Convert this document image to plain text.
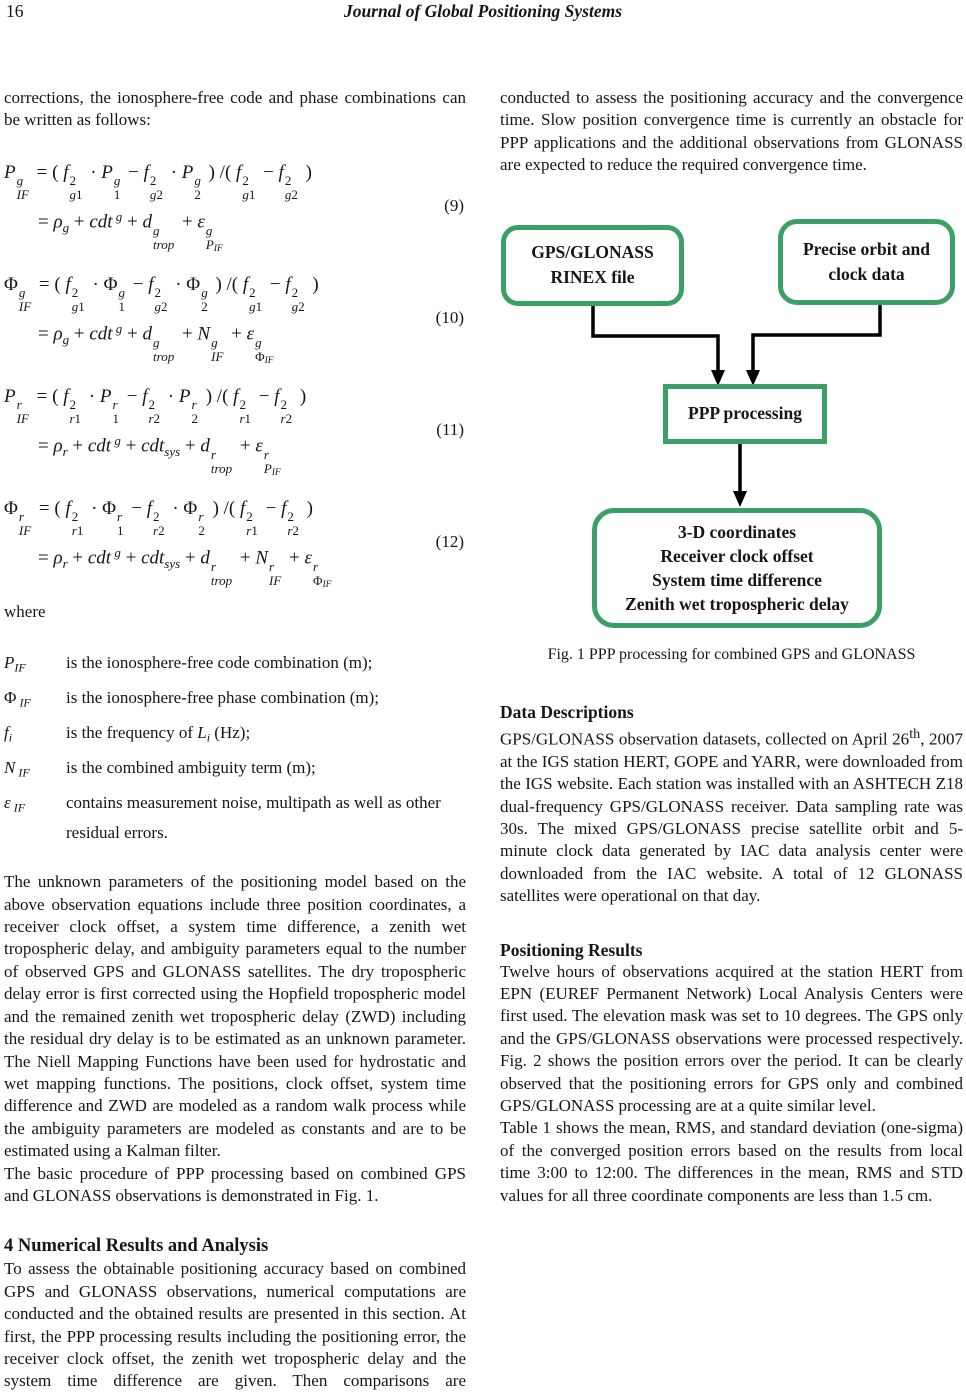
16	Journal of Global Positioning Systems

corrections, the ionosphere-free code and phase combinations can be written as follows:

P g
IF
= ( f 2
g1
· P g
1
− f 2
g2
· P g
2
) /( f 2
g1
− f 2
g2
)
= $\rho_g$ + cdt $^g$ + d g
trop
+ ε g
$P_{IF}$
(9)
Φ g
IF
= ( f 2
g1
· Φ g
1
− f 2
g2
· Φ g
2
) /( f 2
g1
− f 2
g2
)
= $\rho_g$ + cdt $^g$ + d g
trop
+ N g
IF
+ ε g
$\Phi_{IF}$
(10)
P r
IF
= ( f 2
r1
· P r
1
− f 2
r2
· P r
2
) /( f 2
r1
− f 2
r2
)
= $\rho_r$ + cdt $^g$ + cdt$_{sys}$ + d r
trop
+ ε r
$P_{IF}$
(11)
Φ r
IF
= ( f 2
r1
· Φ r
1
− f 2
r2
· Φ r
2
) /( f 2
r1
− f 2
r2
)
= $\rho_r$ + cdt $^g$ + cdt$_{sys}$ + d r
trop
+ N r
IF
+ ε r
$\Phi_{IF}$
(12)
where
$P_{IF}$	is the ionosphere-free code combination (m);
Φ $_{IF}$	is the ionosphere-free phase combination (m);
$f_i$	is the frequency of $L_i$ (Hz);
N $_{IF}$	is the combined ambiguity term (m);
ε $_{IF}$	contains measurement noise, multipath as well as other residual errors.

The unknown parameters of the positioning model based on the above observation equations include three position coordinates, a receiver clock offset, a system time difference, a zenith wet tropospheric delay, and ambiguity parameters equal to the number of observed GPS and GLONASS satellites. The dry tropospheric delay error is first corrected using the Hopfield tropospheric model and the remained zenith wet tropospheric delay (ZWD) including the residual dry delay is to be estimated as an unknown parameter. The Niell Mapping Functions have been used for hydrostatic and wet mapping functions. The positions, clock offset, system time difference and ZWD are modeled as a random walk process while the ambiguity parameters are modeled as constants and are to be estimated using a Kalman filter.

The basic procedure of PPP processing based on combined GPS and GLONASS observations is demonstrated in Fig. 1.

4 Numerical Results and Analysis

To assess the obtainable positioning accuracy based on combined GPS and GLONASS observations, numerical computations are conducted and the obtained results are presented in this section. At first, the PPP processing results including the positioning error, the receiver clock offset, the zenith wet tropospheric delay and the system time difference are given. Then comparisons are

conducted to assess the positioning accuracy and the convergence time. Slow position convergence time is currently an obstacle for PPP applications and the additional observations from GLONASS are expected to reduce the required convergence time.

GPS/GLONASS
RINEX file
Precise orbit and
clock data
PPP processing
3-D coordinates
Receiver clock offset
System time difference
Zenith wet tropospheric delay
Fig. 1 PPP processing for combined GPS and GLONASS
Data Descriptions

GPS/GLONASS observation datasets, collected on April 26th, 2007 at the IGS station HERT, GOPE and YARR, were downloaded from the IGS website. Each station was installed with an ASHTECH Z18 dual-frequency GPS/GLONASS receiver. Data sampling rate was 30s. The mixed GPS/GLONASS precise satellite orbit and 5-minute clock data generated by IAC data analysis center were downloaded from the IAC website. A total of 12 GLONASS satellites were operational on that day.

Positioning Results

Twelve hours of observations acquired at the station HERT from EPN (EUREF Permanent Network) Local Analysis Centers were first used. The elevation mask was set to 10 degrees. The GPS only and the GPS/GLONASS observations were processed respectively. Fig. 2 shows the position errors over the period. It can be clearly observed that the positioning errors for GPS only and combined GPS/GLONASS processing are at a quite similar level.

Table 1 shows the mean, RMS, and standard deviation (one-sigma) of the converged position errors based on the results from local time 3:00 to 12:00. The differences in the mean, RMS and STD values for all three coordinate components are less than 1.5 cm.
